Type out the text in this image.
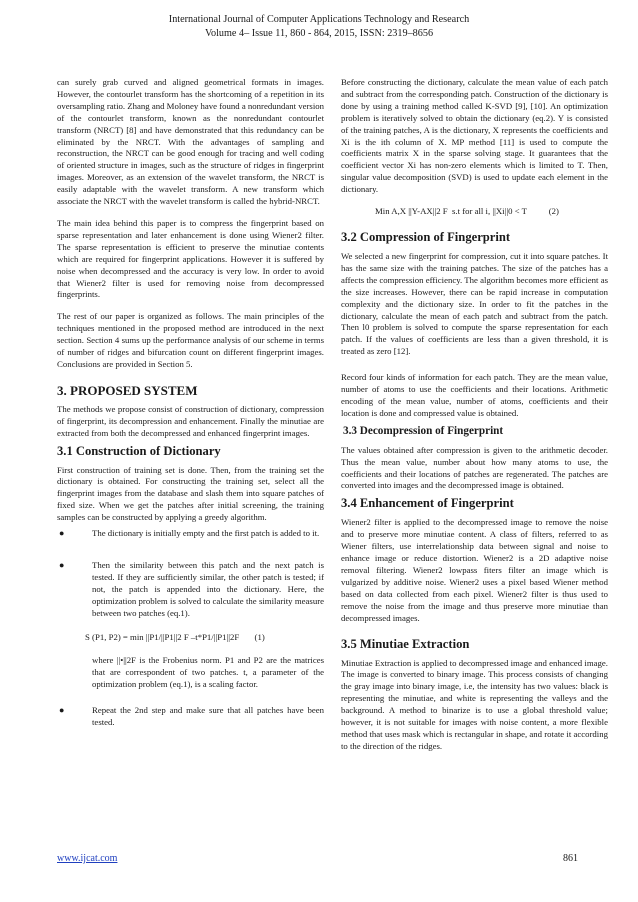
International Journal of Computer Applications Technology and Research
Volume 4– Issue 11, 860 - 864, 2015, ISSN: 2319–8656

can surely grab curved and aligned geometrical formats in images. However, the contourlet transform has the shortcoming of a repetition in its oversampling ratio. Zhang and Moloney have found a nonredundant version of the contourlet transform, known as the nonredundant contourlet transform (NRCT) [8] and have demonstrated that this redundancy can be eliminated by the NRCT. With the advantages of sampling and reconstruction, the NRCT can be good enough for tracing and well coding of oriented structure in images, such as the structure of ridges in fingerprint images. Moreover, as an extension of the wavelet transform, the NRCT is easily adaptable with the wavelet transform. A new transform which associate the NRCT with the wavelet transform is called the hybrid-NRCT.

The main idea behind this paper is to compress the fingerprint based on sparse representation and later enhancement is done using Wiener2 filter. The sparse representation is efficient to preserve the minutiae contents which are required for fingerprint applications. However it is suffered by noise when decompressed and the accuracy is very low. In order to avoid that Wiener2 filter is used for removing noise from decompressed fingerprints.

The rest of our paper is organized as follows. The main principles of the techniques mentioned in the proposed method are introduced in the next section. Section 4 sums up the performance analysis of our scheme in terms of number of ridges and bifurcation count on different fingerprint images. Conclusions are provided in Section 5.

3. PROPOSED SYSTEM

The methods we propose consist of construction of dictionary, compression of fingerprint, its decompression and enhancement. Finally the minutiae are extracted from both the decompressed and enhanced fingerprint images.

3.1 Construction of Dictionary

First construction of training set is done. Then, from the training set the dictionary is obtained. For constructing the training set, select all the fingerprint images from the database and slash them into square patches of fixed size. When we get the patches after initial screening, the training samples can be constructed by applying a greedy algorithm.

●	The dictionary is initially empty and the first patch is added to it.
●	Then the similarity between this patch and the next patch is tested. If they are sufficiently similar, the other patch is tested; if not, the patch is appended into the dictionary. Here, the optimization problem is solved to calculate the similarity measure between two patches (eq.1).
S (P1, P2) = min ||P1/||P1||2 F –t*P1/||P1||2F       (1)
where ||•||2F is the Frobenius norm. P1 and P2 are the matrices that are correspondent of two patches. t, a parameter of the optimization problem (eq.1), is a scaling factor.
●	Repeat the 2nd step and make sure that all patches have been tested.

Before constructing the dictionary, calculate the mean value of each patch and subtract from the corresponding patch. Construction of the dictionary is done by using a training method called K-SVD [9], [10]. An optimization problem is iteratively solved to obtain the dictionary (eq.2). Y is consisted of the training patches, A is the dictionary, X represents the coefficients and Xi is the ith column of X. MP method [11] is used to compute the coefficients matrix X in the sparse solving stage. It guarantees that the coefficient vector Xi has non-zero elements which is limited to T. Then, singular value decomposition (SVD) is used to update each element in the dictionary.

Min A,X ||Y-AX||2 F  s.t for all i, ||Xi||0 < T          (2)
3.2 Compression of Fingerprint

We selected a new fingerprint for compression, cut it into square patches. It has the same size with the training patches. The size of the patches has a affects the compression efficiency. The algorithm becomes more efficient as the size increases. However, there can be rapid increase in computation complexity and the dictionary size. In order to fit the patches in the dictionary, calculate the mean of each patch and subtract from the patch. Then l0 problem is solved to compute the sparse representation for each patch. If the values of coefficients are less than a given threshold, it is treated as zero [12].

Record four kinds of information for each patch. They are the mean value, number of atoms to use the coefficients and their locations. Arithmetic encoding of the mean value, number of atoms, coefficients and their location is done and compressed value is obtained.

3.3 Decompression of Fingerprint

The values obtained after compression is given to the arithmetic decoder. Thus the mean value, number about how many atoms to use, the coefficients and their locations of patches are regenerated. The patches are converted into images and the decompressed image is obtained.

3.4 Enhancement of Fingerprint

Wiener2 filter is applied to the decompressed image to remove the noise and to preserve more minutiae content. A class of filters, referred to as Wiener filters, use interrelationship data between signal and noise to enhance image or reduce distortion. Wiener2 is a 2D adaptive noise removal filtering. Wiener2 lowpass fiters filter an image which is vulgarized by additive noise. Wiener2 uses a pixel based Wiener method based on data collected from each pixel. Wiener2 filter is thus used to remove the noise from the image and thus preserve more minutiae than decompressed images.

3.5 Minutiae Extraction

Minutiae Extraction is applied to decompressed image and enhanced image. The image is converted to binary image. This process consists of changing the gray image into binary image, i.e, the intensity has two values: black is representing the minutiae, and white is representing the valleys and the background. A method to binarize is to use a global threshold value; however, it is not suitable for images with noise content, a more flexible method that uses mask which is rectangular in shape, and rotate it according to the direction of the ridges.

www.ijcat.com	861
